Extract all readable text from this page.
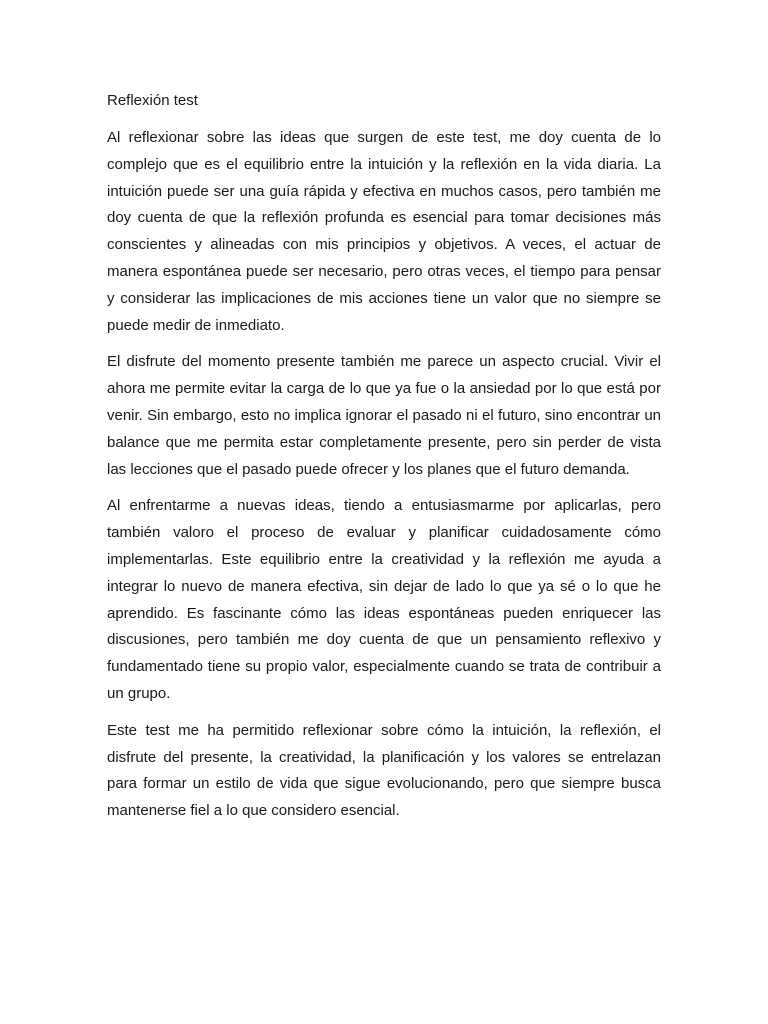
Reflexión test

Al reflexionar sobre las ideas que surgen de este test, me doy cuenta de lo complejo que es el equilibrio entre la intuición y la reflexión en la vida diaria. La intuición puede ser una guía rápida y efectiva en muchos casos, pero también me doy cuenta de que la reflexión profunda es esencial para tomar decisiones más conscientes y alineadas con mis principios y objetivos. A veces, el actuar de manera espontánea puede ser necesario, pero otras veces, el tiempo para pensar y considerar las implicaciones de mis acciones tiene un valor que no siempre se puede medir de inmediato.

El disfrute del momento presente también me parece un aspecto crucial. Vivir el ahora me permite evitar la carga de lo que ya fue o la ansiedad por lo que está por venir. Sin embargo, esto no implica ignorar el pasado ni el futuro, sino encontrar un balance que me permita estar completamente presente, pero sin perder de vista las lecciones que el pasado puede ofrecer y los planes que el futuro demanda.

Al enfrentarme a nuevas ideas, tiendo a entusiasmarme por aplicarlas, pero también valoro el proceso de evaluar y planificar cuidadosamente cómo implementarlas. Este equilibrio entre la creatividad y la reflexión me ayuda a integrar lo nuevo de manera efectiva, sin dejar de lado lo que ya sé o lo que he aprendido. Es fascinante cómo las ideas espontáneas pueden enriquecer las discusiones, pero también me doy cuenta de que un pensamiento reflexivo y fundamentado tiene su propio valor, especialmente cuando se trata de contribuir a un grupo.

Este test me ha permitido reflexionar sobre cómo la intuición, la reflexión, el disfrute del presente, la creatividad, la planificación y los valores se entrelazan para formar un estilo de vida que sigue evolucionando, pero que siempre busca mantenerse fiel a lo que considero esencial.
